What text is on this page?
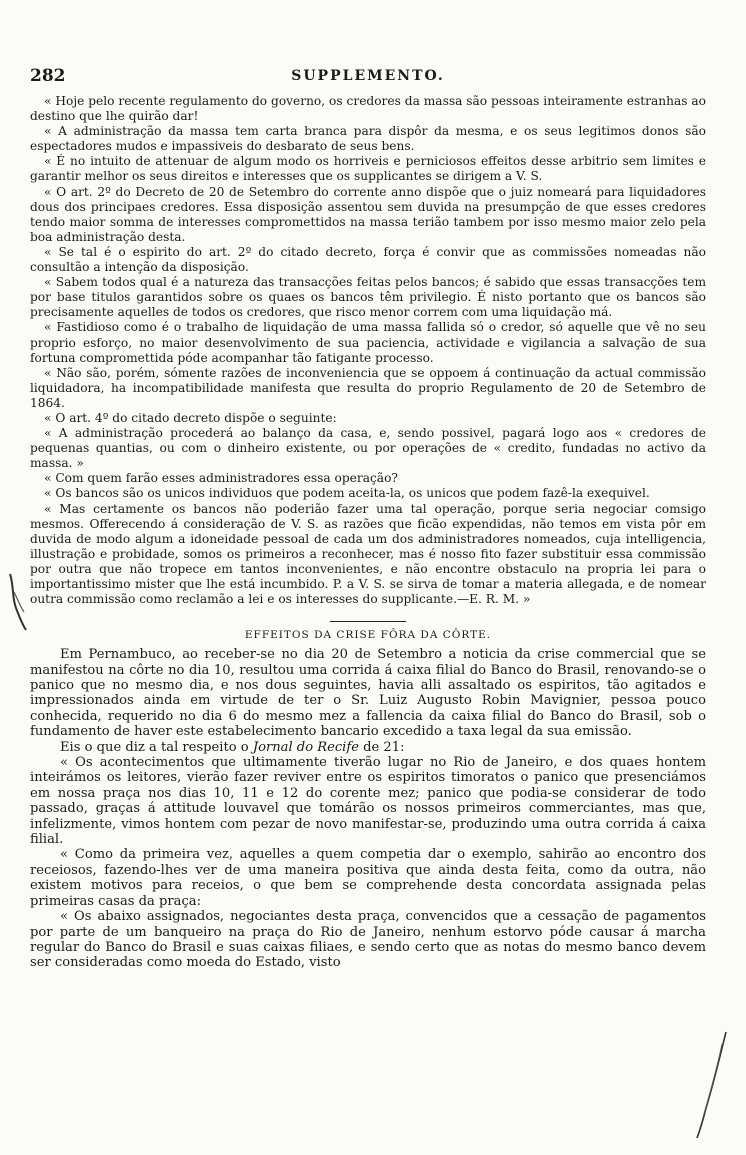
282	SUPPLEMENTO.

« Hoje pelo recente regulamento do governo, os credores da massa são pessoas inteiramente estranhas ao destino que lhe quirão dar!

« A administração da massa tem carta branca para dispôr da mesma, e os seus legitimos donos são espectadores mudos e impassiveis do desbarato de seus bens.

« É no intuito de attenuar de algum modo os horriveis e perniciosos effeitos desse arbitrio sem limites e garantir melhor os seus direitos e interesses que os supplicantes se dirigem a V. S.

« O art. 2º do Decreto de 20 de Setembro do corrente anno dispõe que o juiz nomeará para liquidadores dous dos principaes credores. Essa disposição assentou sem duvida na presumpção de que esses credores tendo maior somma de interesses compromettidos na massa terião tambem por isso mesmo maior zelo pela boa administração desta.

« Se tal é o espirito do art. 2º do citado decreto, força é convir que as commissões nomeadas não consultão a intenção da disposição.

« Sabem todos qual é a natureza das transacções feitas pelos bancos; é sabido que essas transacções tem por base titulos garantidos sobre os quaes os bancos têm privilegio. É nisto portanto que os bancos são precisamente aquelles de todos os credores, que risco menor correm com uma liquidação má.

« Fastidioso como é o trabalho de liquidação de uma massa fallida só o credor, só aquelle que vê no seu proprio esforço, no maior desenvolvimento de sua paciencia, actividade e vigilancia a salvação de sua fortuna compromettida póde acompanhar tão fatigante processo.

« Não são, porém, sómente razões de inconveniencia que se oppoem á continuação da actual commissão liquidadora, ha incompatibilidade manifesta que resulta do proprio Regulamento de 20 de Setembro de 1864.

« O art. 4º do citado decreto dispõe o seguinte:

« A administração procederá ao balanço da casa, e, sendo possivel, pagará logo aos « credores de pequenas quantias, ou com o dinheiro existente, ou por operações de « credito, fundadas no activo da massa. »

« Com quem farão esses administradores essa operação?

« Os bancos são os unicos individuos que podem aceita-la, os unicos que podem fazê-la exequivel.

« Mas certamente os bancos não poderião fazer uma tal operação, porque seria negociar comsigo mesmos. Offerecendo á consideração de V. S. as razões que ficão expendidas, não temos em vista pôr em duvida de modo algum a idoneidade pessoal de cada um dos administradores nomeados, cuja intelligencia, illustração e probidade, somos os primeiros a reconhecer, mas é nosso fito fazer substituir essa commissão por outra que não tropece em tantos inconvenientes, e não encontre obstaculo na propria lei para o importantissimo mister que lhe está incumbido. P. a V. S. se sirva de tomar a materia allegada, e de nomear outra commissão como reclamão a lei e os interesses do supplicante.—E. R. M. »

EFFEITOS DA CRISE FÔRA DA CÔRTE.

Em Pernambuco, ao receber-se no dia 20 de Setembro a noticia da crise commercial que se manifestou na côrte no dia 10, resultou uma corrida á caixa filial do Banco do Brasil, renovando-se o panico que no mesmo dia, e nos dous seguintes, havia alli assaltado os espiritos, tão agitados e impressionados ainda em virtude de ter o Sr. Luiz Augusto Robin Mavignier, pessoa pouco conhecida, requerido no dia 6 do mesmo mez a fallencia da caixa filial do Banco do Brasil, sob o fundamento de haver este estabelecimento bancario excedido a taxa legal da sua emissão.

Eis o que diz a tal respeito o Jornal do Recife de 21:

« Os acontecimentos que ultimamente tiverão lugar no Rio de Janeiro, e dos quaes hontem inteirámos os leitores, vierão fazer reviver entre os espiritos timoratos o panico que presenciámos em nossa praça nos dias 10, 11 e 12 do corente mez; panico que podia-se considerar de todo passado, graças á attitude louvavel que tomárão os nossos primeiros commerciantes, mas que, infelizmente, vimos hontem com pezar de novo manifestar-se, produzindo uma outra corrida á caixa filial.

« Como da primeira vez, aquelles a quem competia dar o exemplo, sahirão ao encontro dos receiosos, fazendo-lhes ver de uma maneira positiva que ainda desta feita, como da outra, não existem motivos para receios, o que bem se comprehende desta concordata assignada pelas primeiras casas da praça:

« Os abaixo assignados, negociantes desta praça, convencidos que a cessação de pagamentos por parte de um banqueiro na praça do Rio de Janeiro, nenhum estorvo póde causar á marcha regular do Banco do Brasil e suas caixas filiaes, e sendo certo que as notas do mesmo banco devem ser consideradas como moeda do Estado, visto
